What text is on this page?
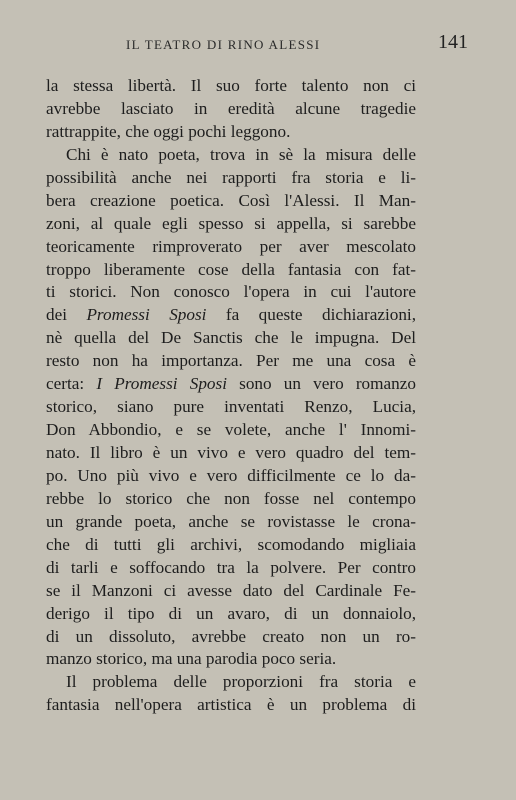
IL TEATRO DI RINO ALESSI	141
la stessa libertà. Il suo forte talento non ci
avrebbe lasciato in eredità alcune tragedie
rattrappite, che oggi pochi leggono.
Chi è nato poeta, trova in sè la misura delle
possibilità anche nei rapporti fra storia e li-
bera creazione poetica. Così l'Alessi. Il Man-
zoni, al quale egli spesso si appella, si sarebbe
teoricamente rimproverato per aver mescolato
troppo liberamente cose della fantasia con fat-
ti storici. Non conosco l'opera in cui l'autore
dei Promessi Sposi fa queste dichiarazioni,
nè quella del De Sanctis che le impugna. Del
resto non ha importanza. Per me una cosa è
certa: I Promessi Sposi sono un vero romanzo
storico, siano pure inventati Renzo, Lucia,
Don Abbondio, e se volete, anche l' Innomi-
nato. Il libro è un vivo e vero quadro del tem-
po. Uno più vivo e vero difficilmente ce lo da-
rebbe lo storico che non fosse nel contempo
un grande poeta, anche se rovistasse le crona-
che di tutti gli archivi, scomodando migliaia
di tarli e soffocando tra la polvere. Per contro
se il Manzoni ci avesse dato del Cardinale Fe-
derigo il tipo di un avaro, di un donnaiolo,
di un dissoluto, avrebbe creato non un ro-
manzo storico, ma una parodia poco seria.
Il problema delle proporzioni fra storia e
fantasia nell'opera artistica è un problema di
